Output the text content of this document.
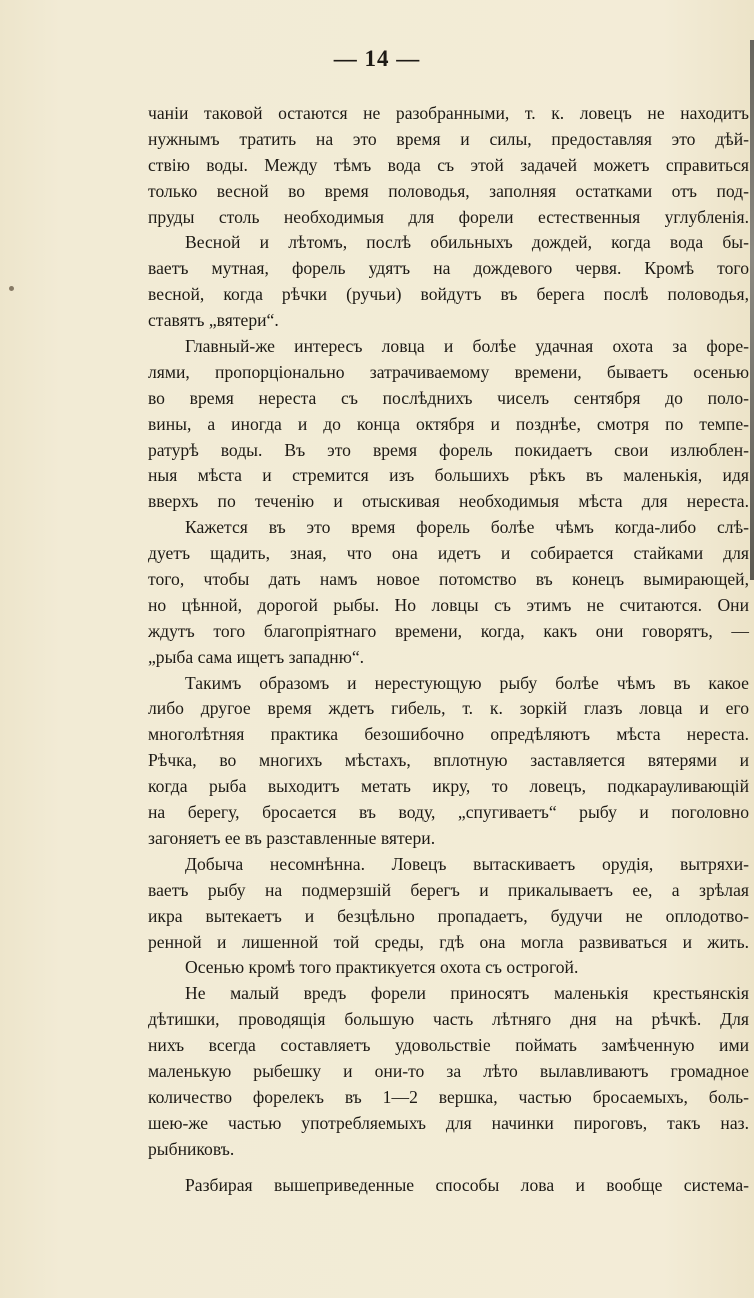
— 14 —
чаніи таковой остаются не разобранными, т. к. ловецъ не находитъ
нужнымъ тратить на это время и силы, предоставляя это дѣй-
ствію воды. Между тѣмъ вода съ этой задачей можетъ справиться
только весной во время половодья, заполняя остатками отъ под-
пруды столь необходимыя для форели естественныя углубленія.
Весной и лѣтомъ, послѣ обильныхъ дождей, когда вода бы-
ваетъ мутная, форель удятъ на дождевого червя. Кромѣ того
весной, когда рѣчки (ручьи) войдутъ въ берега послѣ половодья,
ставятъ „вятери“.
Главный-же интересъ ловца и болѣе удачная охота за форе-
лями, пропорціонально затрачиваемому времени, бываетъ осенью
во время нереста съ послѣднихъ чиселъ сентября до поло-
вины, а иногда и до конца октября и позднѣе, смотря по темпе-
ратурѣ воды. Въ это время форель покидаетъ свои излюблен-
ныя мѣста и стремится изъ большихъ рѣкъ въ маленькія, идя
вверхъ по теченію и отыскивая необходимыя мѣста для нереста.
Кажется въ это время форель болѣе чѣмъ когда-либо слѣ-
дуетъ щадить, зная, что она идетъ и собирается стайками для
того, чтобы дать намъ новое потомство въ конецъ вымирающей,
но цѣнной, дорогой рыбы. Но ловцы съ этимъ не считаются. Они
ждутъ того благопріятнаго времени, когда, какъ они говорятъ, —
„рыба сама ищетъ западню“.
Такимъ образомъ и нерестующую рыбу болѣе чѣмъ въ какое
либо другое время ждетъ гибель, т. к. зоркій глазъ ловца и его
многолѣтняя практика безошибочно опредѣляютъ мѣста нереста.
Рѣчка, во многихъ мѣстахъ, вплотную заставляется вятерями и
когда рыба выходитъ метать икру, то ловецъ, подкарауливающій
на берегу, бросается въ воду, „спугиваетъ“ рыбу и поголовно
загоняетъ ее въ разставленные вятери.
Добыча несомнѣнна. Ловецъ вытаскиваетъ орудія, вытряхи-
ваетъ рыбу на подмерзшій берегъ и прикалываетъ ее, а зрѣлая
икра вытекаетъ и безцѣльно пропадаетъ, будучи не оплодотво-
ренной и лишенной той среды, гдѣ она могла развиваться и жить.
Осенью кромѣ того практикуется охота съ острогой.
Не малый вредъ форели приносятъ маленькія крестьянскія
дѣтишки, проводящія большую часть лѣтняго дня на рѣчкѣ. Для
нихъ всегда составляетъ удовольствіе поймать замѣченную ими
маленькую рыбешку и они-то за лѣто вылавливаютъ громадное
количество форелекъ въ 1—2 вершка, частью бросаемыхъ, боль-
шею-же частью употребляемыхъ для начинки пироговъ, такъ наз.
рыбниковъ.
Разбирая вышеприведенные способы лова и вообще система-
